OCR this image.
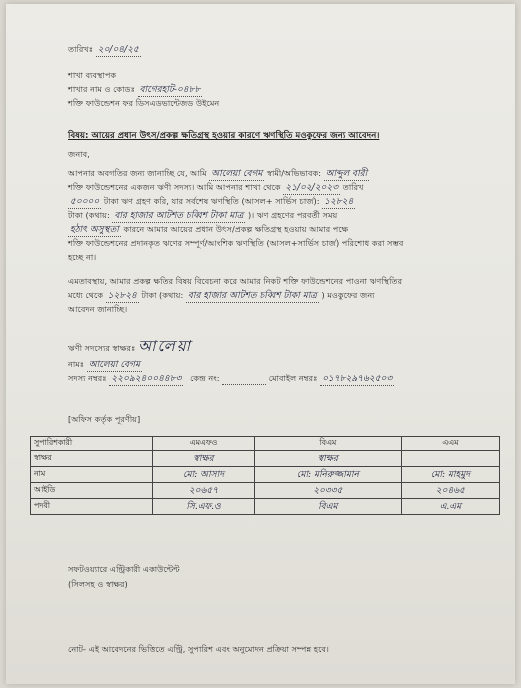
তারিখঃ ২০/০৪/২৫
শাখা ব্যবস্থাপক
শাখার নাম ও কোডঃ বাগেরহাট-০৪৮৮
শক্তি ফাউন্ডেশন ফর ডিসএডভান্টেজড উইমেন
বিষয়: আয়ের প্রধান উৎস/প্রকল্প ক্ষতিগ্রস্থ হওয়ার কারণে ঋণস্থিতি মওকুফের জন্য আবেদন।
জনাব,
আপনার অবগতির জন্য জানাচ্ছি যে, আমি আলেয়া বেগম স্বামী/অভিভাবক: আব্দুল বারী
শক্তি ফাউন্ডেশনের একজন ঋণী সদস্য। আমি আপনার শাখা থেকে ২১/০২/২০২৩ তারিখ
৫০০০০ টাকা ঋণ গ্রহণ করি, যার সর্বশেষ ঋণস্থিতি (আসল+ সার্ভিস চার্জ): ১২৮২৪
টাকা (কথায়: বার হাজার আটশত চব্বিশ টাকা মাত্র )। ঋণ গ্রহণের পরবর্তী সময়
হঠাৎ অসুস্থতা কারনে আমার আয়ের প্রধান উৎস/প্রকল্প ক্ষতিগ্রস্থ হওয়ায় আমার পক্ষে
শক্তি ফাউন্ডেশনের প্রদানকৃত ঋণের সম্পূর্ণ/আংশিক ঋণস্থিতি (আসল+সার্ভিস চার্জ) পরিশোধ করা সম্ভব
হচ্ছে না।
এমতাবস্থায়, আমার প্রকল্প ক্ষতির বিষয় বিবেচনা করে আমার নিকট শক্তি ফাউন্ডেশনের পাওনা ঋণস্থিতির
মধ্যে থেকে ১২৮২৪ টাকা (কথায়: বার হাজার আটশত চব্বিশ টাকা মাত্র ) মওকুফের জন্য
আবেদন জানাচ্ছি।
ঋণী সদস্যের স্বাক্ষরঃ আলেয়া
নামঃ আলেয়া বেগম
সদস্য নম্বরঃ ২২০৯২৪০০৪৪৮৩ কেন্দ্র নং:	মোবাইল নম্বরঃ ০১৭৮২৯৭৬২৫০৩
[অফিস কর্তৃক পূরণীয়]
সুপারিশকারী	এমএফও	বিএম	এএম
স্বাক্ষর	স্বাক্ষর	স্বাক্ষর	
নাম	মো: আসাদ	মো: মনিরুজ্জামান	মো: মাহমুদ
আইডি	২০৬৫৭	২০৩৩৫	২০৪৬৫
পদবী	সি.এফ.ও	বিএম	এ.এম
সফটওয়্যারে এন্ট্রিকারী একাউন্টেন্ট
(সিলসহ ও স্বাক্ষর)
নোট- এই আবেদনের ভিত্তিতে এন্ট্রি, সুপারিশ এবং অনুমোদন প্রক্রিয়া সম্পন্ন হবে।
